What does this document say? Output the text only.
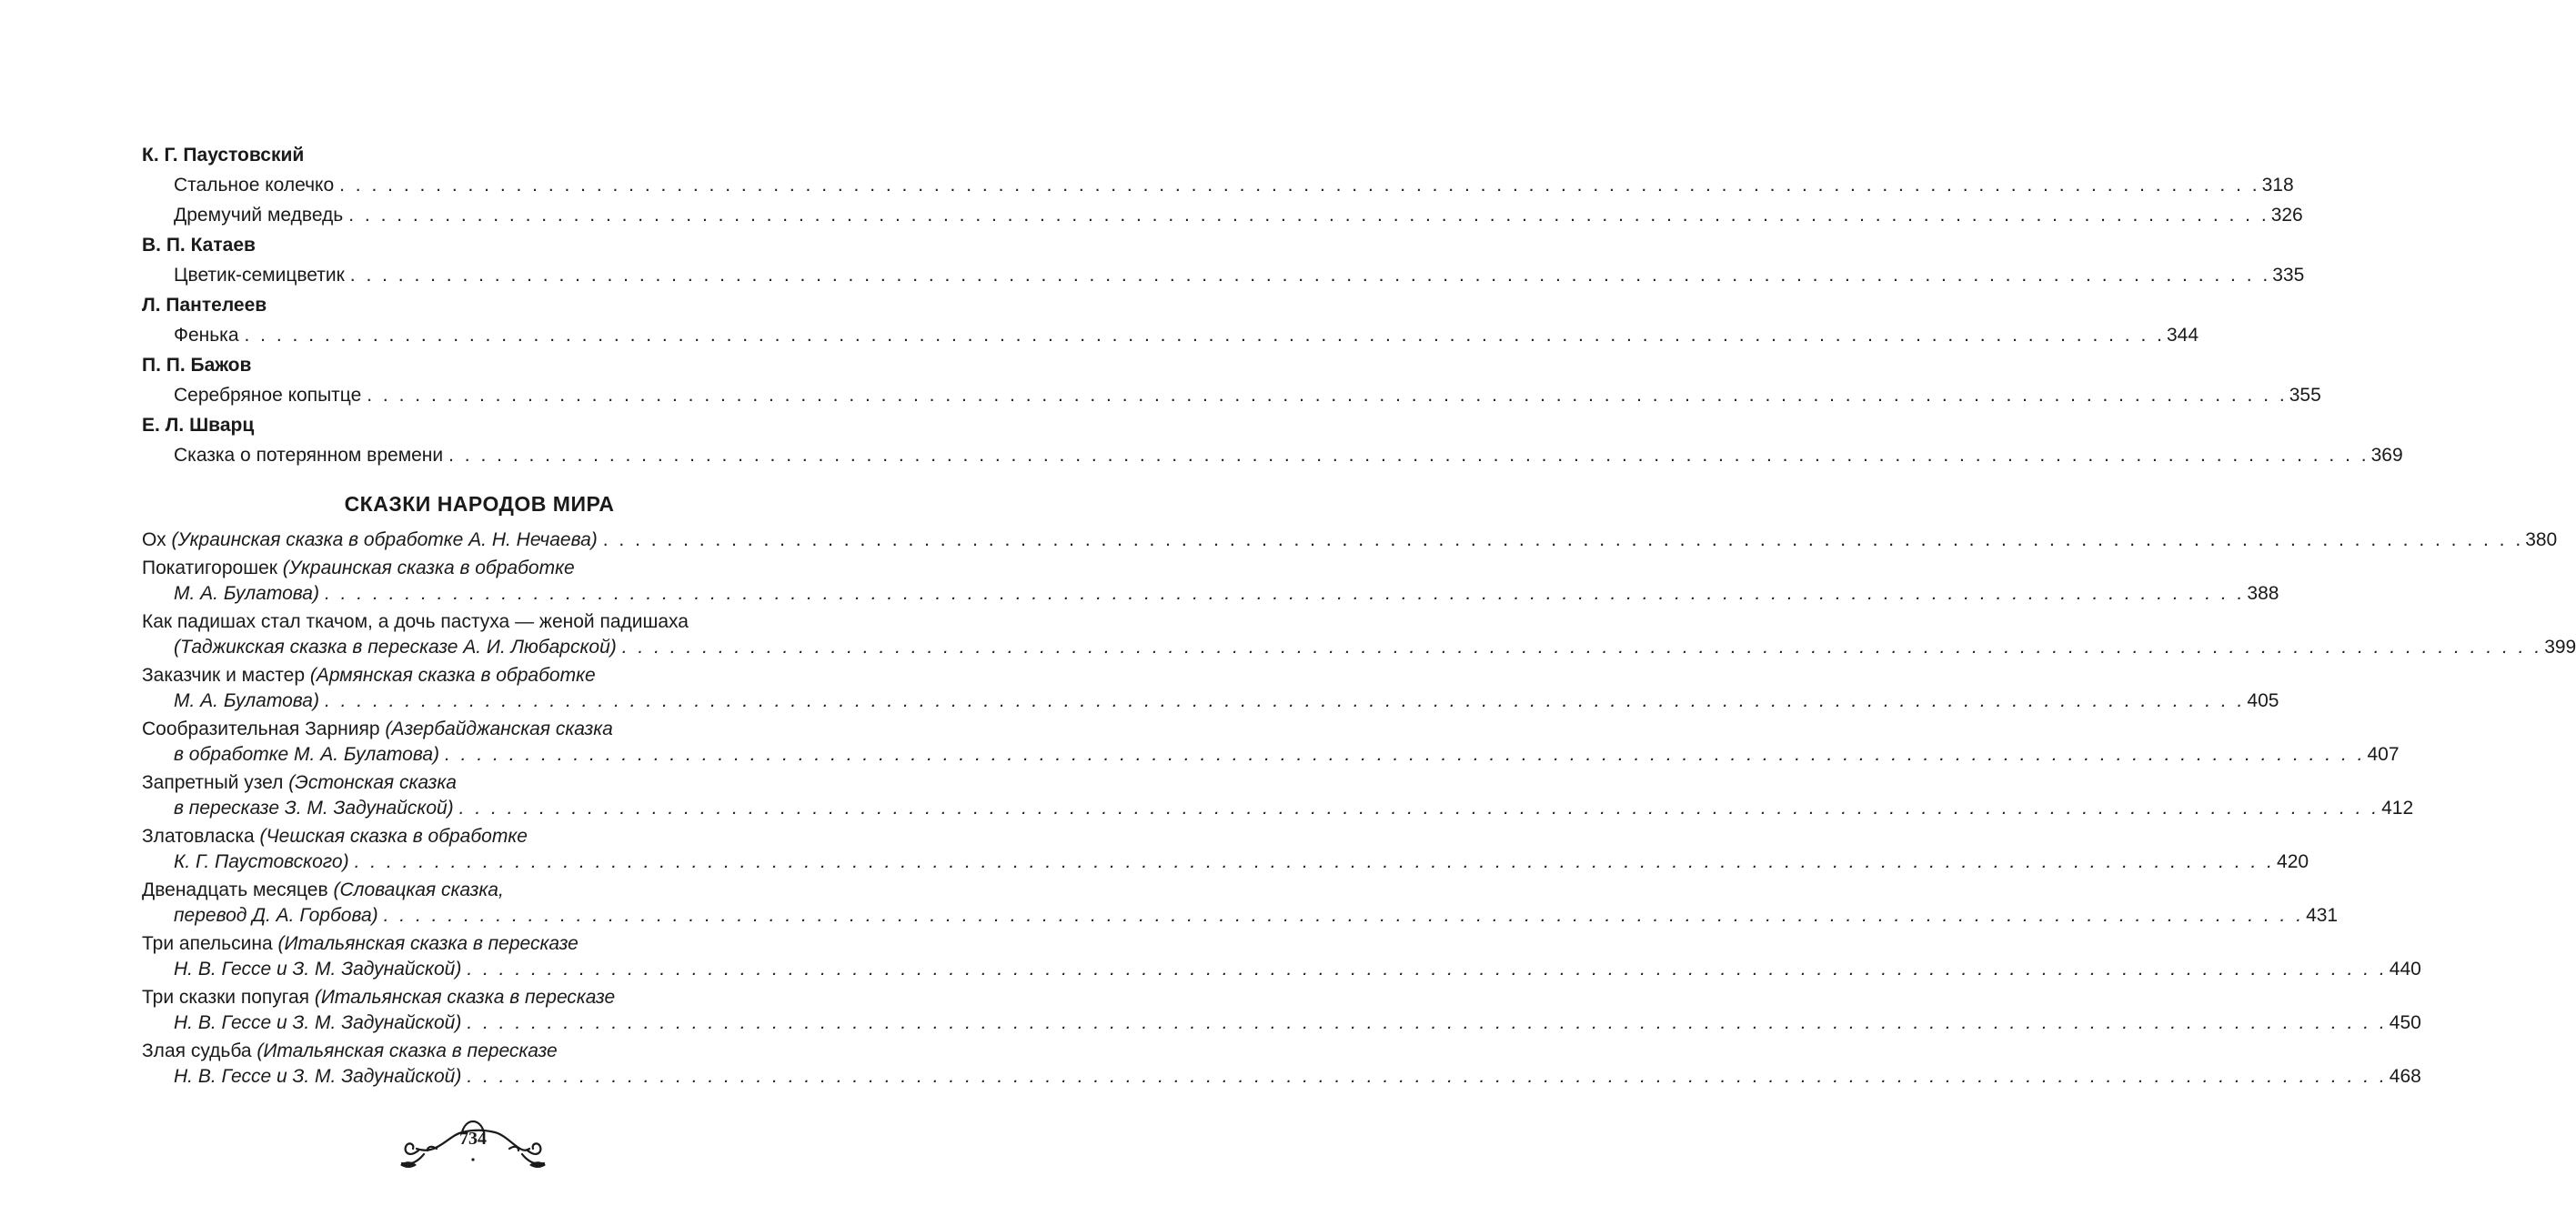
К. Г. Паустовский
Стальное колечко . . . . . . . . . . . . . . . . . . . . . . . . . . . . . . . . . . . . . . . . . . . . . . . . . . . . . . . . . . . . . . . . . . . . . . . . . . . . . . . . . . . . . . . . . . . . . . . . . . . . . . . . . . . . . . . . . . . . . . . . 318
Дремучий медведь . . . . . . . . . . . . . . . . . . . . . . . . . . . . . . . . . . . . . . . . . . . . . . . . . . . . . . . . . . . . . . . . . . . . . . . . . . . . . . . . . . . . . . . . . . . . . . . . . . . . . . . . . . . . . . . . . . . . . . . . 326
В. П. Катаев
Цветик-семицветик . . . . . . . . . . . . . . . . . . . . . . . . . . . . . . . . . . . . . . . . . . . . . . . . . . . . . . . . . . . . . . . . . . . . . . . . . . . . . . . . . . . . . . . . . . . . . . . . . . . . . . . . . . . . . . . . . . . . . . . . 335
Л. Пантелеев
Фенька . . . . . . . . . . . . . . . . . . . . . . . . . . . . . . . . . . . . . . . . . . . . . . . . . . . . . . . . . . . . . . . . . . . . . . . . . . . . . . . . . . . . . . . . . . . . . . . . . . . . . . . . . . . . . . . . . . . . . . . . 344
П. П. Бажов
Серебряное копытце . . . . . . . . . . . . . . . . . . . . . . . . . . . . . . . . . . . . . . . . . . . . . . . . . . . . . . . . . . . . . . . . . . . . . . . . . . . . . . . . . . . . . . . . . . . . . . . . . . . . . . . . . . . . . . . . . . . . . . . . 355
Е. Л. Шварц
Сказка о потерянном времени . . . . . . . . . . . . . . . . . . . . . . . . . . . . . . . . . . . . . . . . . . . . . . . . . . . . . . . . . . . . . . . . . . . . . . . . . . . . . . . . . . . . . . . . . . . . . . . . . . . . . . . . . . . . . . . . . . . . . . . . 369
СКАЗКИ НАРОДОВ МИРА
Ох (Украинская сказка в обработке А. Н. Нечаева) . . . . . . . . . . . . . . . . . . . . . . . . . . . . . . . . . . . . . . . . . . . . . . . . . . . . . . . . . . . . . . . . . . . . . . . . . . . . . . . . . . . . . . . . . . . . . . . . . . . . . . . . . . . . . . . . . . . . . . . . 380
Покатигорошек (Украинская сказка в обработке
М. А. Булатова) . . . . . . . . . . . . . . . . . . . . . . . . . . . . . . . . . . . . . . . . . . . . . . . . . . . . . . . . . . . . . . . . . . . . . . . . . . . . . . . . . . . . . . . . . . . . . . . . . . . . . . . . . . . . . . . . . . . . . . . . 388
Как падишах стал ткачом, а дочь пастуха — женой падишаха
(Таджикская сказка в пересказе А. И. Любарской) . . . . . . . . . . . . . . . . . . . . . . . . . . . . . . . . . . . . . . . . . . . . . . . . . . . . . . . . . . . . . . . . . . . . . . . . . . . . . . . . . . . . . . . . . . . . . . . . . . . . . . . . . . . . . . . . . . . . . . . . 399
Заказчик и мастер (Армянская сказка в обработке
М. А. Булатова) . . . . . . . . . . . . . . . . . . . . . . . . . . . . . . . . . . . . . . . . . . . . . . . . . . . . . . . . . . . . . . . . . . . . . . . . . . . . . . . . . . . . . . . . . . . . . . . . . . . . . . . . . . . . . . . . . . . . . . . . 405
Сообразительная Зарнияр (Азербайджанская сказка
в обработке М. А. Булатова) . . . . . . . . . . . . . . . . . . . . . . . . . . . . . . . . . . . . . . . . . . . . . . . . . . . . . . . . . . . . . . . . . . . . . . . . . . . . . . . . . . . . . . . . . . . . . . . . . . . . . . . . . . . . . . . . . . . . . . . . 407
Запретный узел (Эстонская сказка
в пересказе З. М. Задунайской) . . . . . . . . . . . . . . . . . . . . . . . . . . . . . . . . . . . . . . . . . . . . . . . . . . . . . . . . . . . . . . . . . . . . . . . . . . . . . . . . . . . . . . . . . . . . . . . . . . . . . . . . . . . . . . . . . . . . . . . . 412
Златовласка (Чешская сказка в обработке
К. Г. Паустовского) . . . . . . . . . . . . . . . . . . . . . . . . . . . . . . . . . . . . . . . . . . . . . . . . . . . . . . . . . . . . . . . . . . . . . . . . . . . . . . . . . . . . . . . . . . . . . . . . . . . . . . . . . . . . . . . . . . . . . . . . 420
Двенадцать месяцев (Словацкая сказка,
перевод Д. А. Горбова) . . . . . . . . . . . . . . . . . . . . . . . . . . . . . . . . . . . . . . . . . . . . . . . . . . . . . . . . . . . . . . . . . . . . . . . . . . . . . . . . . . . . . . . . . . . . . . . . . . . . . . . . . . . . . . . . . . . . . . . . 431
Три апельсина (Итальянская сказка в пересказе
Н. В. Гессе и З. М. Задунайской) . . . . . . . . . . . . . . . . . . . . . . . . . . . . . . . . . . . . . . . . . . . . . . . . . . . . . . . . . . . . . . . . . . . . . . . . . . . . . . . . . . . . . . . . . . . . . . . . . . . . . . . . . . . . . . . . . . . . . . . . 440
Три сказки попугая (Итальянская сказка в пересказе
Н. В. Гессе и З. М. Задунайской) . . . . . . . . . . . . . . . . . . . . . . . . . . . . . . . . . . . . . . . . . . . . . . . . . . . . . . . . . . . . . . . . . . . . . . . . . . . . . . . . . . . . . . . . . . . . . . . . . . . . . . . . . . . . . . . . . . . . . . . . 450
Злая судьба (Итальянская сказка в пересказе
Н. В. Гессе и З. М. Задунайской) . . . . . . . . . . . . . . . . . . . . . . . . . . . . . . . . . . . . . . . . . . . . . . . . . . . . . . . . . . . . . . . . . . . . . . . . . . . . . . . . . . . . . . . . . . . . . . . . . . . . . . . . . . . . . . . . . . . . . . . . 468
734
